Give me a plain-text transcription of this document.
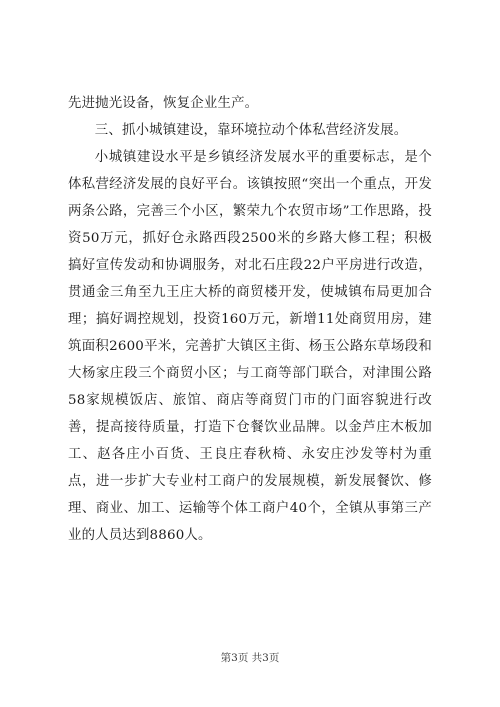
先进抛光设备，恢复企业生产。

三、抓小城镇建设，靠环境拉动个体私营经济发展。

小城镇建设水平是乡镇经济发展水平的重要标志，是个体私营经济发展的良好平台。该镇按照“突出一个重点，开发两条公路，完善三个小区，繁荣九个农贸市场”工作思路，投资50万元，抓好仓永路西段2500米的乡路大修工程；积极搞好宣传发动和协调服务，对北石庄段22户平房进行改造，贯通金三角至九王庄大桥的商贸楼开发，使城镇布局更加合理；搞好调控规划，投资160万元，新增11处商贸用房，建筑面积2600平米，完善扩大镇区主街、杨玉公路东草场段和大杨家庄段三个商贸小区；与工商等部门联合，对津围公路58家规模饭店、旅馆、商店等商贸门市的门面容貌进行改善，提高接待质量，打造下仓餐饮业品牌。以金芦庄木板加工、赵各庄小百货、王良庄春秋椅、永安庄沙发等村为重点，进一步扩大专业村工商户的发展规模，新发展餐饮、修理、商业、加工、运输等个体工商户40个，全镇从事第三产业的人员达到8860人。

第3页 共3页
